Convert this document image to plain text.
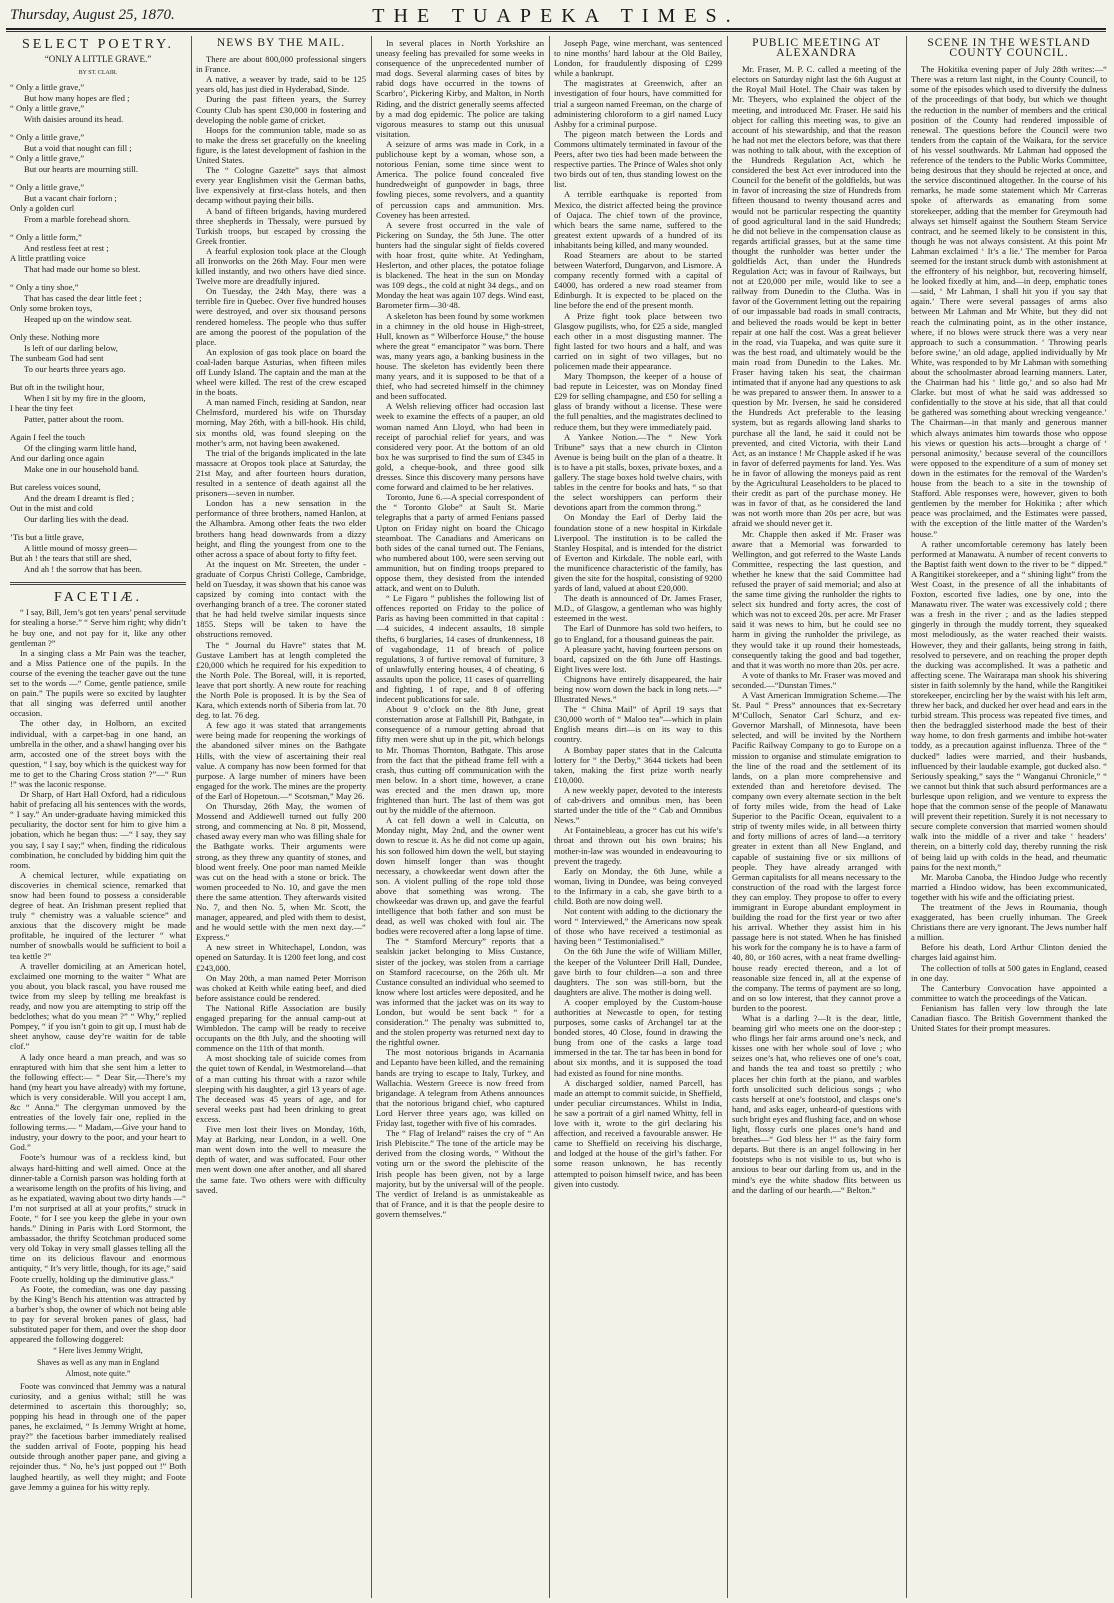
Thursday, August 25, 1870.	THE TUAPEKA TIMES.
SELECT POETRY.
“ONLY A LITTLE GRAVE.”
BY ST. CLAIR.
“ Only a little grave,”
But how many hopes are fled ;
“ Only a little grave,”
With daisies around its head.
“ Only a little grave,”
But a void that nought can fill ;
“ Only a little grave,”
But our hearts are mourning still.
“ Only a little grave,”
But a vacant chair forlorn ;
Only a golden curl
From a marble forehead shorn.
“ Only a little form,”
And restless feet at rest ;
A little prattling voice
That had made our home so blest.
“ Only a tiny shoe,”
That has cased the dear little feet ;
Only some broken toys,
Heaped up on the window seat.
Only these. Nothing more
Is left of our darling below,
The sunbeam God had sent
To our hearts three years ago.
But oft in the twilight hour,
When I sit by my fire in the gloom,
I hear the tiny feet
Patter, patter about the room.
Again I feel the touch
Of the clinging warm little hand,
And our darling once again
Make one in our household band.
But careless voices sound,
And the dream I dreamt is fled ;
Out in the mist and cold
Our darling lies with the dead.
’Tis but a little grave,
A little mound of mossy green—
But ah ! the tears that still are shed,
And ah ! the sorrow that has been.
FACETIÆ.

“ I say, Bill, Jem’s got ten years’ penal servitude for stealing a horse.” “ Serve him right; why didn’t he buy one, and not pay for it, like any other gentleman ?”

In a singing class a Mr Pain was the teacher, and a Miss Patience one of the pupils. In the course of the evening the teacher gave out the tune set to the words —“ Come, gentle patience, smile on pain.” The pupils were so excited by laughter that all singing was deferred until another occasion.

The other day, in Holborn, an excited individual, with a carpet-bag in one hand, an umbrella in the other, and a shawl hanging over his arm, accosted one of the street boys with the question, “ I say, boy which is the quickest way for me to get to the Charing Cross station ?”—“ Run !” was the laconic response.

Dr Sharp, of Hart Hall Oxford, had a ridiculous habit of prefacing all his sentences with the words, “ I say.” An under-graduate having mimicked this peculiarity, the doctor sent for him to give him a jobation, which he began thus: —“ I say, they say you say, I say I say;” when, finding the ridiculous combination, he concluded by bidding him quit the room.

A chemical lecturer, while expatiating on discoveries in chemical science, remarked that snow had been found to possess a considerable degree of heat. An Irishman present replied that truly “ chemistry was a valuable science” and anxious that the discovery might be made profitable, he inquired of the lecturer “ what number of snowballs would be sufficient to boil a tea kettle ?”

A traveller domiciling at an American hotel, exclaimed one morning to the waiter “ What are you about, you black rascal, you have roused me twice from my sleep by telling me breakfast is ready, and now you are attempting to strip off the bedclothes; what do you mean ?” “ Why,” replied Pompey, “ if you isn’t goin to git up, I must hab de sheet anyhow, cause dey’re waitin for de table clof.”

A lady once heard a man preach, and was so enraptured with him that she sent him a letter to the following effect:— “ Dear Sir,—There’s my hand (my heart you have already) with my fortune, which is very considerable. Will you accept I am, &c “ Anna.” The clergyman unmoved by the entreaties of the lovely fair one, replied in the following terms.— “ Madam,—Give your hand to industry, your dowry to the poor, and your heart to God.”

Foote’s humour was of a reckless kind, but always hard-hitting and well aimed. Once at the dinner-table a Cornish parson was holding forth at a wearisome length on the profits of his living, and as he expatiated, waving about two dirty hands —“ I’m not surprised at all at your profits,” struck in Foote, “ for I see you keep the glebe in your own hands.” Dining in Paris with Lord Stormont, the ambassador, the thrifty Scotchman produced some very old Tokay in very small glasses telling all the time on its delicious flavour and enormous antiquity, “ It’s very little, though, for its age,” said Foote cruelly, holding up the diminutive glass.”

As Foote, the comedian, was one day passing by the King’s Bench his attention was attracted by a barber’s shop, the owner of which not being able to pay for several broken panes of glass, had substituted paper for them, and over the shop door appeared the following doggerel:

“ Here lives Jemmy Wright,
Shaves as well as any man in England
Almost, note quite.”

Foote was convinced that Jemmy was a natural curiosity, and a genius withal; still he was determined to ascertain this thoroughly; so, popping his head in through one of the paper panes, he exclaimed, “ Is Jemmy Wright at home, pray?” the facetious barber immediately realised the sudden arrival of Foote, popping his head outside through another paper pane, and giving a rejoinder thus. “ No, he’s just popped out !” Both laughed heartily, as well they might; and Foote gave Jemmy a guinea for his witty reply.

NEWS BY THE MAIL.

There are about 800,000 professional singers in France.

A native, a weaver by trade, said to be 125 years old, has just died in Hyderabad, Sinde.

During the past fifteen years, the Surrey County Club has spent £30,000 in fostering and developing the noble game of cricket.

Hoops for the communion table, made so as to make the dress set gracefully on the kneeling figure, is the latest development of fashion in the United States.

The “ Cologne Gazette” says that almost every year Englishmen visit the German baths, live expensively at first-class hotels, and then decamp without paying their bills.

A band of fifteen brigands, having murdered three shepherds in Thessaly, were pursued by Turkish troops, but escaped by crossing the Greek frontier.

A fearful explosion took place at the Clough all Ironworks on the 26th May. Four men were killed instantly, and two others have died since. Twelve more are dreadfully injured.

On Tuesday, the 24th May, there was a terrible fire in Quebec. Over five hundred houses were destroyed, and over six thousand persons rendered homeless. The people who thus suffer are among the poorest of the population of the place.

An explosion of gas took place on board the coal-laden barque Asturias, when fifteen miles off Lundy Island. The captain and the man at the wheel were killed. The rest of the crew escaped in the boats.

A man named Finch, residing at Sandon, near Chelmsford, murdered his wife on Thursday morning, May 26th, with a bill-hook. His child, six months old, was found sleeping on the mother’s arm, not having been awakened.

The trial of the brigands implicated in the late massacre at Oropos took place at Saturday, the 21st May, and after fourteen hours duration, resulted in a sentence of death against all the prisoners—seven in number.

London has a new sensation in the performance of three brothers, named Hanlon, at the Alhambra. Among other feats the two elder brothers hang head downwards from a dizzy height, and fling the youngest from one to the other across a space of about forty to fifty feet.

At the inquest on Mr. Streeten, the under - graduate of Corpus Christi College, Cambridge, held on Tuesday, it was shown that his canoe was capsized by coming into contact with the overhanging branch of a tree. The coroner stated that he had held twelve similar inquests since 1855. Steps will be taken to have the obstructions removed.

The “ Journal du Havre” states that M. Gustave Lambert has at length completed the £20,000 which he required for his expedition to the North Pole. The Boreal, will, it is reported, leave that port shortly. A new route for reaching the North Pole is proposed. It is by the Sea of Kara, which extends north of Siberia from lat. 70 deg. to lat. 76 deg.

A few ago it was stated that arrangements were being made for reopening the workings of the abandoned silver mines on the Bathgate Hills, with the view of ascertaining their real value. A company has now been formed for that purpose. A large number of miners have been engaged for the work. The mines are the property of the Earl of Hopetoun.—“ Scotsman,” May 26.

On Thursday, 26th May, the women of Mossend and Addiewell turned out fully 200 strong, and commencing at No. 8 pit, Mossend, chased away every man who was filling shale for the Bathgate works. Their arguments were strong, as they threw any quantity of stones, and blood went freely. One poor man named Meikle was cut on the head with a stone or brick. The women proceeded to No. 10, and gave the men there the same attention. They afterwards visited No. 7, and then No. 5, when Mr. Scott, the manager, appeared, and pled with them to desist, and he would settle with the men next day.—“ Express.”

A new street in Whitechapel, London, was opened on Saturday. It is 1200 feet long, and cost £243,000.

On May 20th, a man named Peter Morrison was choked at Keith while eating beef, and died before assistance could be rendered.

The National Rifle Association are busily engaged preparing for the annual camp-out at Wimbledon. The camp will be ready to receive occupants on the 8th July, and the shooting will commence on the 11th of that month.

A most shocking tale of suicide comes from the quiet town of Kendal, in Westmoreland—that of a man cutting his throat with a razor while sleeping with his daughter, a girl 13 years of age. The deceased was 45 years of age, and for several weeks past had been drinking to great excess.

Five men lost their lives on Monday, 16th, May at Barking, near London, in a well. One man went down into the well to measure the depth of water, and was suffocated. Four other men went down one after another, and all shared the same fate. Two others were with difficulty saved.

In several places in North Yorkshire an uneasy feeling has prevailed for some weeks in consequence of the unprecedented number of mad dogs. Several alarming cases of bites by rabid dogs have occurred in the towns of Scarbro’, Pickering Kirby, and Malton, in North Riding, and the district generally seems affected by a mad dog epidemic. The police are taking vigorous measures to stamp out this unusual visitation.

A seizure of arms was made in Cork, in a publichouse kept by a woman, whose son, a notorious Fenian, some time since went to America. The police found concealed five hundredweight of gunpowder in bags, three fowling pieces, some revolvers, and a quantity of percussion caps and ammunition. Mrs. Coveney has been arrested.

A severe frost occurred in the vale of Pickering on Sunday, the 5th June. The otter hunters had the singular sight of fields covered with hoar frost, quite white. At Yedingham, Heslerton, and other places, the potatoe foliage is blackened. The heat in the sun on Monday was 109 degs., the cold at night 34 degs., and on Monday the heat was again 107 degs. Wind east, Barometer firm—30·48.

A skeleton has been found by some workmen in a chimney in the old house in High-street, Hull, known as “ Wilberforce House,” the house where the great “ emancipator ” was born. There was, many years ago, a banking business in the house. The skeleton has evidently been there many years, and it is supposed to be that of a thief, who had secreted himself in the chimney and been suffocated.

A Welsh relieving officer had occasion last week to examine the effects of a pauper, an old woman named Ann Lloyd, who had been in receipt of parochial relief for years, and was considered very poor. At the bottom of an old box he was surprised to find the sum of £345 in gold, a cheque-book, and three good silk dresses. Since this discovery many persons have come forward and claimed to be her relatives.

Toronto, June 6.—A special correspondent of the “ Toronto Globe” at Sault St. Marie telegraphs that a party of armed Fenians passed Upton on Friday night on board the Chicago steamboat. The Canadians and Americans on both sides of the canal turned out. The Fenians, who numbered about 100, were seen serving out ammunition, but on finding troops prepared to oppose them, they desisted from the intended attack, and went on to Duluth.

“ Le Figaro ” publishes the following list of offences reported on Friday to the police of Paris as having been committed in that capital :—4 suicides, 4 indecent assaults, 18 simple thefts, 6 burglaries, 14 cases of drunkenness, 18 of vagabondage, 11 of breach of police regulations, 3 of furtive removal of furniture, 3 of unlawfully entering houses, 4 of cheating, 6 assaults upon the police, 11 cases of quarrelling and fighting, 1 of rape, and 8 of offering indecent publications for sale.

About 9 o’clock on the 8th June, great consternation arose at Fallshill Pit, Bathgate, in consequence of a rumour getting abroad that fifty men were shut up in the pit, which belongs to Mr. Thomas Thornton, Bathgate. This arose from the fact that the pithead frame fell with a crash, thus cutting off communication with the men below. In a short time, however, a crane was erected and the men drawn up, more frightened than hurt. The last of them was got out by the middle of the afternoon.

A cat fell down a well in Calcutta, on Monday night, May 2nd, and the owner went down to rescue it. As he did not come up again, his son followed him down the well, but staying down himself longer than was thought necessary, a chowkeedar went down after the son. A violent pulling of the rope told those above that something was wrong. The chowkeedar was drawn up, and gave the fearful intelligence that both father and son must be dead, as well was choked with foul air. The bodies were recovered after a long lapse of time.

The “ Stamford Mercury” reports that a sealskin jacket belonging to Miss Custance, sister of the jockey, was stolen from a carriage on Stamford racecourse, on the 26th ult. Mr Custance consulted an individual who seemed to know where lost articles were deposited, and he was informed that the jacket was on its way to London, but would be sent back “ for a consideration.” The penalty was submitted to, and the stolen property was returned next day to the rightful owner.

The most notorious brigands in Acarnania and Lepanto have been killed, and the remaining bands are trying to escape to Italy, Turkey, and Wallachia. Western Greece is now freed from brigandage. A telegram from Athens announces that the notorious brigand chief, who captured Lord Herver three years ago, was killed on Friday last, together with five of his comrades.

The “ Flag of Ireland” raises the cry of “ An Irish Plebiscite.” The tone of the article may be derived from the closing words, “ Without the voting urn or the sword the plebiscite of the Irish people has been given, not by a large majority, but by the universal will of the people. The verdict of Ireland is as unmistakeable as that of France, and it is that the people desire to govern themselves.”

Joseph Page, wine merchant, was sentenced to nine months’ hard labour at the Old Bailey, London, for fraudulently disposing of £299 while a bankrupt.

The magistrates at Greenwich, after an investigation of four hours, have committed for trial a surgeon named Freeman, on the charge of administering chloroform to a girl named Lucy Ashby for a criminal purpose.

The pigeon match between the Lords and Commons ultimately terminated in favour of the Peers, after two ties had been made between the respective parties. The Prince of Wales shot only two birds out of ten, thus standing lowest on the list.

A terrible earthquake is reported from Mexico, the district affected being the province of Oajaca. The chief town of the province, which bears the same name, suffered to the greatest extent upwards of a hundred of its inhabitants being killed, and many wounded.

Road Steamers are about to be started between Waterford, Dungarvon, and Lismore. A company recently formed with a capital of £4000, has ordered a new road steamer from Edinburgh. It is expected to be placed on the line before the end of the present month.

A Prize fight took place between two Glasgow pugilists, who, for £25 a side, mangled each other in a most disgusting manner. The fight lasted for two hours and a half, and was carried on in sight of two villages, but no policemen made their appearance.

Mary Thompson, the keeper of a house of bad repute in Leicester, was on Monday fined £29 for selling champagne, and £50 for selling a glass of brandy without a license. These were the full penalties, and the magistrates declined to reduce them, but they were immediately paid.

A Yankee Notion.—The “ New York Tribune” says that a new church in Clinton Avenue is being built on the plan of a theatre. It is to have a pit stalls, boxes, private boxes, and a gallery. The stage boxes hold twelve chairs, with tables in the centre for books and hats, “ so that the select worshippers can perform their devotions apart from the common throng.”

On Monday the Earl of Derby laid the foundation stone of a new hospital in Kirkdale Liverpool. The institution is to be called the Stanley Hospital, and is intended for the district of Everton and Kirkdale. The noble earl, with the munificence characteristic of the family, has given the site for the hospital, consisting of 9200 yards of land, valued at about £20,000.

The death is announced of Dr. James Fraser, M.D., of Glasgow, a gentleman who was highly esteemed in the west.

The Earl of Dunmore has sold two heifers, to go to England, for a thousand guineas the pair.

A pleasure yacht, having fourteen persons on board, capsized on the 6th June off Hastings. Eight lives were lost.

Chignons have entirely disappeared, the hair being now worn down the back in long nets.—“ Illustrated News.”

The “ China Mail” of April 19 says that £30,000 worth of “ Maloo tea”—which in plain English means dirt—is on its way to this country.

A Bombay paper states that in the Calcutta lottery for “ the Derby,” 3644 tickets had been taken, making the first prize worth nearly £10,000.

A new weekly paper, devoted to the interests of cab-drivers and omnibus men, has been started under the title of the “ Cab and Omnibus News.”

At Fontainebleau, a grocer has cut his wife’s throat and thrown out his own brains; his mother-in-law was wounded in endeavouring to prevent the tragedy.

Early on Monday, the 6th June, while a woman, living in Dundee, was being conveyed to the Infirmary in a cab, she gave birth to a child. Both are now doing well.

Not content with adding to the dictionary the word “ Interviewed,” the Americans now speak of those who have received a testimonial as having been “ Testimonialised.”

On the 6th June the wife of William Miller, the keeper of the Volunteer Drill Hall, Dundee, gave birth to four children—a son and three daughters. The son was still-born, but the daughters are alive. The mother is doing well.

A cooper employed by the Custom-house authorities at Newcastle to open, for testing purposes, some casks of Archangel tar at the bonded stores, 40 Close, found in drawing the bung from one of the casks a large toad immersed in the tar. The tar has been in bond for about six months, and it is supposed the toad had existed as found for nine months.

A discharged soldier, named Parcell, has made an attempt to commit suicide, in Sheffield, under peculiar circumstances. Whilst in India, he saw a portrait of a girl named Whitty, fell in love with it, wrote to the girl declaring his affection, and received a favourable answer. He came to Sheffield on receiving his discharge, and lodged at the house of the girl’s father. For some reason unknown, he has recently attempted to poison himself twice, and has been given into custody.

PUBLIC MEETING AT ALEXANDRA

Mr. Fraser, M. P. C. called a meeting of the electors on Saturday night last the 6th August at the Royal Mail Hotel. The Chair was taken by Mr. Theyers, who explained the object of the meeting, and introduced Mr. Fraser. He said his object for calling this meeting was, to give an account of his stewardship, and that the reason he had not met the electors before, was that there was nothing to talk about, with the exception of the Hundreds Regulation Act, which he considered the best Act ever introduced into the Council for the benefit of the goldfields, but was in favor of increasing the size of Hundreds from fifteen thousand to twenty thousand acres and would not be particular respecting the quantity of good agricultural land in the said Hundreds; he did not believe in the compensation clause as regards artificial grasses, but at the same time thought the runholder was better under the goldfields Act, than under the Hundreds Regulation Act; was in favour of Railways, but not at £20,000 per mile, would like to see a railway from Dunedin to the Clutha. Was in favor of the Government letting out the repairing of our impassable bad roads in small contracts, and believed the roads would be kept in better repair at one half the cost. Was a great believer in the road, via Tuapeka, and was quite sure it was the best road, and ultimately would be the main road from Dunedin to the Lakes. Mr. Fraser having taken his seat, the chairman intimated that if anyone had any questions to ask he was prepared to answer them. In answer to a question by Mr. Iversen, he said he considered the Hundreds Act preferable to the leasing system, but as regards allowing land sharks to purchase all the land, he said it could not be prevented, and cited Victoria, with their Land Act, as an instance ! Mr Chapple asked if he was in favor of deferred payments for land. Yes. Was he in favor of allowing the moneys paid as rent by the Agricultural Leaseholders to be placed to their credit as part of the purchase money. He was in favor of that, as he considered the land was not worth more than 20s per acre, but was afraid we should never get it.

Mr. Chapple then asked if Mr. Fraser was aware that a Memorial was forwarded to Wellington, and got referred to the Waste Lands Committee, respecting the last question, and whether he knew that the said Committee had refused the prayer of said memorial; and also at the same time giving the runholder the rights to select six hundred and forty acres, the cost of which was not to exceed 20s. per acre. Mr Fraser said it was news to him, but he could see no harm in giving the runholder the privilege, as they would take it up round their homesteads, consequently taking the good and bad together, and that it was worth no more than 20s. per acre.

A vote of thanks to Mr. Fraser was moved and seconded.—“Dunstan Times.”

A Vast American Immigration Scheme.—The St. Paul “ Press” announces that ex-Secretary M’Culloch, Senator Carl Schurz, and ex-Governor Marshall, of Minnesota, have been selected, and will be invited by the Northern Pacific Railway Company to go to Europe on a mission to organise and stimulate emigration to the line of the road and the settlement of its lands, on a plan more comprehensive and extended than and heretofore devised. The company own every alternate section in the belt of forty miles wide, from the head of Lake Superior to the Pacific Ocean, equivalent to a strip of twenty miles wide, in all between thirty and forty millions of acres of land—a territory greater in extent than all New England, and capable of sustaining five or six millions of people. They have already arranged with German capitalists for all means necessary to the construction of the road with the largest force they can employ. They propose to offer to every immigrant in Europe abundant employment in building the road for the first year or two after his arrival. Whether they assist him in his passage here is not stated. When he has finished his work for the company he is to have a farm of 40, 80, or 160 acres, with a neat frame dwelling-house ready erected thereon, and a lot of reasonable size fenced in, all at the expense of the company. The terms of payment are so long, and on so low interest, that they cannot prove a burden to the poorest.

What is a darling ?—It is the dear, little, beaming girl who meets one on the door-step ; who flings her fair arms around one’s neck, and kisses one with her whole soul of love ; who seizes one’s hat, who relieves one of one’s coat, and hands the tea and toast so prettily ; who places her chin forth at the piano, and warbles forth unsolicited such delicious songs ; who casts herself at one’s footstool, and clasps one’s hand, and asks eager, unheard-of questions with such bright eyes and flushing face, and on whose light, flossy curls one places one’s hand and breathes—“ God bless her !” as the fairy form departs. But there is an angel following in her footsteps who is not visible to us, but who is anxious to bear our darling from us, and in the mind’s eye the white shadow flits between us and the darling of our hearth.—“ Belton.”

SCENE IN THE WESTLAND COUNTY COUNCIL.

The Hokitika evening paper of July 28th writes:—“ There was a return last night, in the County Council, to some of the episodes which used to diversify the dulness of the proceedings of that body, but which we thought the reduction in the number of members and the critical position of the County had rendered impossible of renewal. The questions before the Council were two tenders from the captain of the Waikara, for the service of his vessel southwards. Mr Lahman had opposed the reference of the tenders to the Public Works Committee, being desirous that they should be rejected at once, and the service discontinued altogether. In the course of his remarks, he made some statement which Mr Carreras spoke of afterwards as emanating from some storekeeper, adding that the member for Greymouth had always set himself against the Southern Steam Service contract, and he seemed likely to be consistent in this, though he was not always consistent. At this point Mr Lahman exclaimed ‘ It’s a lie.’ The member for Paroa seemed for the instant struck dumb with astonishment at the effrontery of his neighbor, but, recovering himself, he looked fixedly at him, and—in deep, emphatic tones—said, ‘ Mr Lahman, I shall hit you if you say that again.’ There were several passages of arms also between Mr Lahman and Mr White, but they did not reach the culminating point, as in the other instance, where, if no blows were struck there was a very near approach to such a consummation. ‘ Throwing pearls before swine,’ an old adage, applied individually by Mr White, was responded to by Mr Lahman with something about the schoolmaster abroad learning manners. Later, the Chairman had his ‘ little go,’ and so also had Mr Clarke. but most of what he said was addressed so confidentially to the stove at his side, that all that could be gathered was something about wrecking vengeance.’ The Chairman—in that manly and generous manner which always animates him towards those who oppose his views or question his acts—brought a charge of ‘ personal animosity,’ because several of the councillors were opposed to the expenditure of a sum of money set down in the estimates for the removal of the Warden’s house from the beach to a site in the township of Stafford. Able responses were, however, given to both gentlemen by the member for Hokitika ; after which peace was proclaimed, and the Estimates were passed, with the exception of the little matter of the Warden’s house.”

A rather uncomfortable ceremony has lately been performed at Manawatu. A number of recent converts to the Baptist faith went down to the river to be “ dipped.” A Rangitikei storekeeper, and a “ shining light” from the West Coast, in the presence of all the inhabitants of Foxton, escorted five ladies, one by one, into the Manawatu river. The water was excessively cold ; there was a fresh in the river ; and as the ladies stepped gingerly in through the muddy torrent, they squeaked most melodiously, as the water reached their waists. However, they and their gallants, being strong in faith, resolved to persevere, and on reaching the proper depth the ducking was accomplished. It was a pathetic and affecting scene. The Wairarapa man shook his shivering sister in faith solemnly by the hand, while the Rangitikei storekeeper, encircling her by the waist with his left arm, threw her back, and ducked her over head and ears in the turbid stream. This process was repeated five times, and then the bedraggled sisterhood made the best of their way home, to don fresh garments and imbibe hot-water toddy, as a precaution against influenza. Three of the “ ducked” ladies were married, and their husbands, influenced by their laudable example, got ducked also. “ Seriously speaking,” says the “ Wanganui Chronicle,” “ we cannot but think that such absurd performances are a burlesque upon religion, and we venture to express the hope that the common sense of the people of Manawatu will prevent their repetition. Surely it is not necessary to secure complete conversion that married women should walk into the middle of a river and take ‘ headers’ therein, on a bitterly cold day, thereby running the risk of being laid up with colds in the head, and rheumatic pains for the next month,”

Mr. Maroba Canoba, the Hindoo Judge who recently married a Hindoo widow, has been excommunicated, together with his wife and the officiating priest.

The treatment of the Jews in Roumania, though exaggerated, has been cruelly inhuman. The Greek Christians there are very ignorant. The Jews number half a million.

Before his death, Lord Arthur Clinton denied the charges laid against him.

The collection of tolls at 500 gates in England, ceased in one day.

The Canterbury Convocation have appointed a committee to watch the proceedings of the Vatican.

Fenianism has fallen very low through the late Canadian fiasco. The British Government thanked the United States for their prompt measures.
